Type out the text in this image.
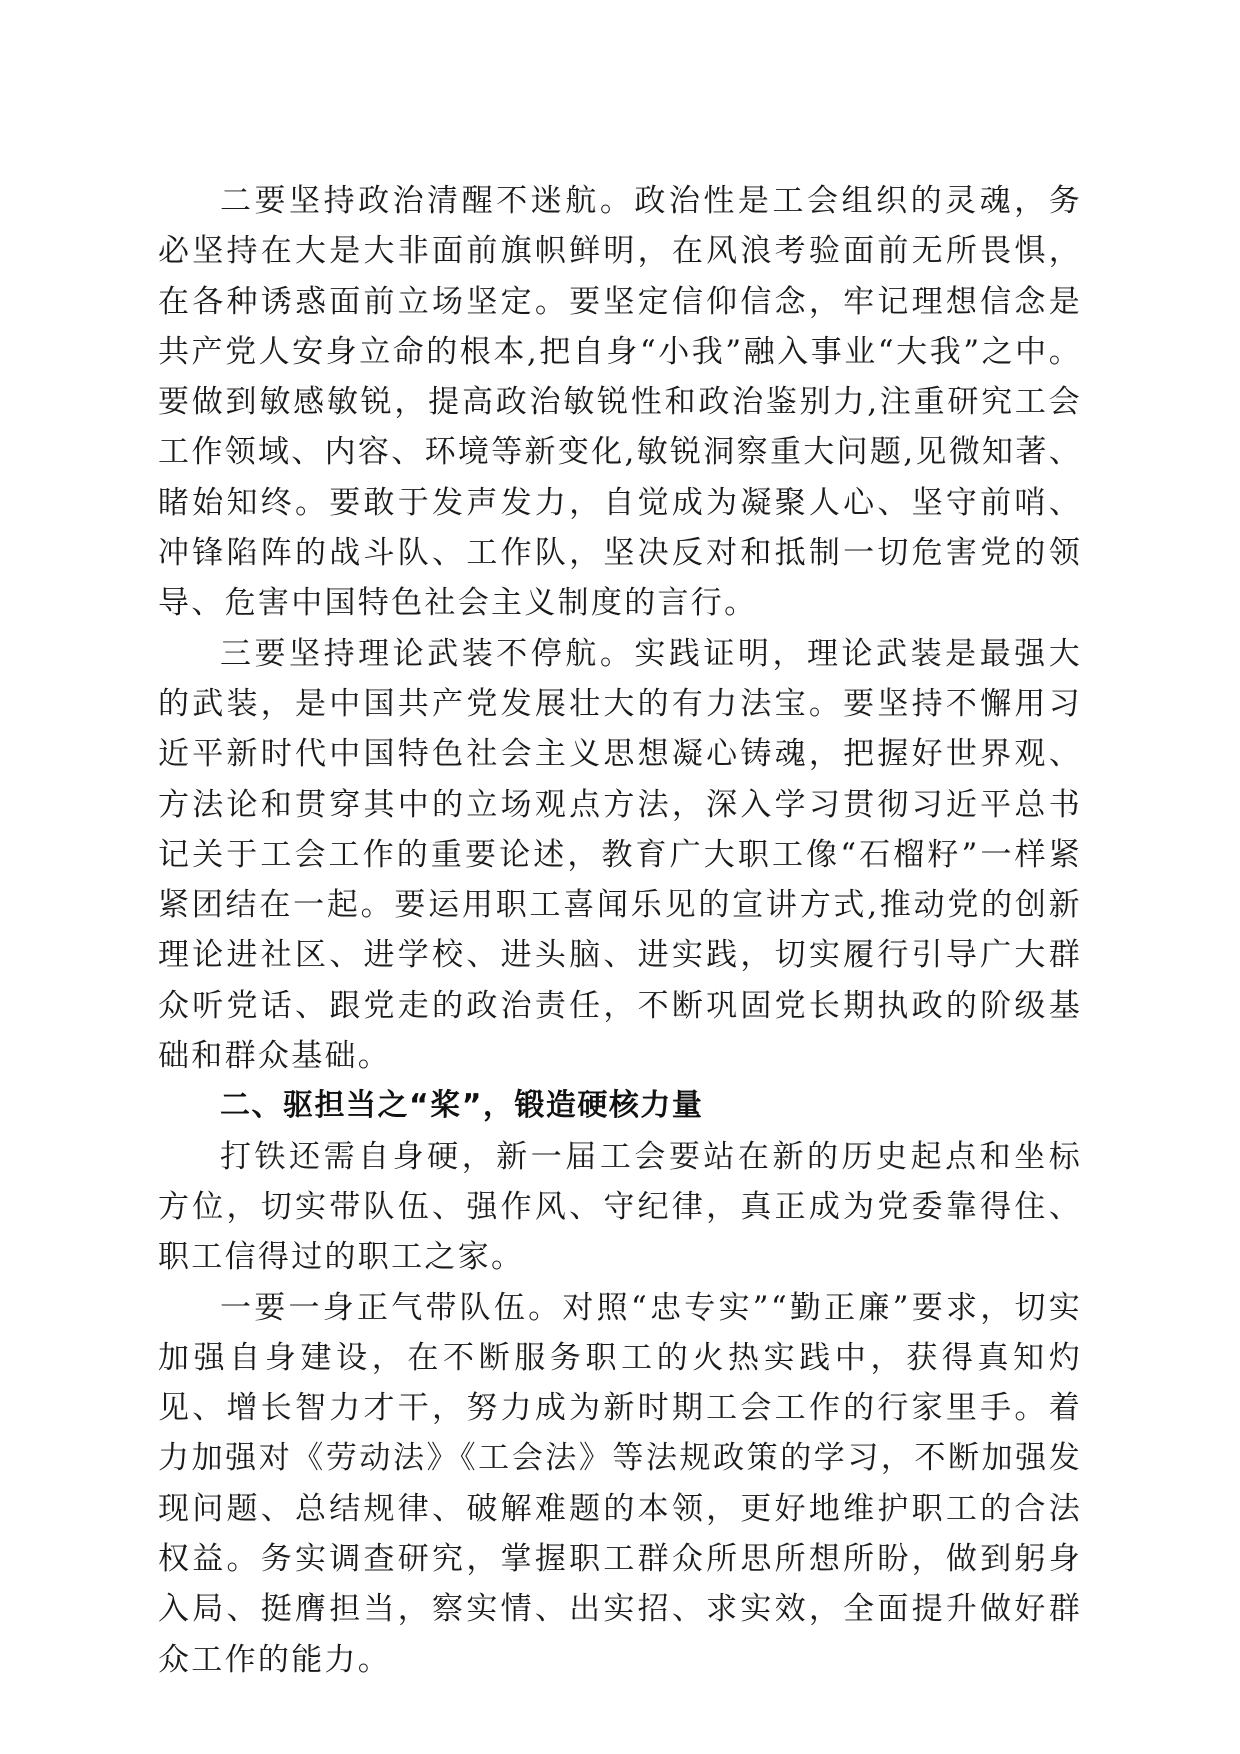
二要坚持政治清醒不迷航。政治性是工会组织的灵魂，务必坚持在大是大非面前旗帜鲜明，在风浪考验面前无所畏惧，在各种诱惑面前立场坚定。要坚定信仰信念，牢记理想信念是共产党人安身立命的根本,把自身“小我”融入事业“大我”之中。要做到敏感敏锐，提高政治敏锐性和政治鉴别力,注重研究工会工作领域、内容、环境等新变化,敏锐洞察重大问题,见微知著、睹始知终。要敢于发声发力，自觉成为凝聚人心、坚守前哨、冲锋陷阵的战斗队、工作队，坚决反对和抵制一切危害党的领导、危害中国特色社会主义制度的言行。

三要坚持理论武装不停航。实践证明，理论武装是最强大的武装，是中国共产党发展壮大的有力法宝。要坚持不懈用习近平新时代中国特色社会主义思想凝心铸魂，把握好世界观、方法论和贯穿其中的立场观点方法，深入学习贯彻习近平总书记关于工会工作的重要论述，教育广大职工像“石榴籽”一样紧紧团结在一起。要运用职工喜闻乐见的宣讲方式,推动党的创新理论进社区、进学校、进头脑、进实践，切实履行引导广大群众听党话、跟党走的政治责任，不断巩固党长期执政的阶级基础和群众基础。

二、驱担当之“桨”，锻造硬核力量

打铁还需自身硬，新一届工会要站在新的历史起点和坐标方位，切实带队伍、强作风、守纪律，真正成为党委靠得住、职工信得过的职工之家。

一要一身正气带队伍。对照“忠专实”“勤正廉”要求，切实加强自身建设，在不断服务职工的火热实践中，获得真知灼见、增长智力才干，努力成为新时期工会工作的行家里手。着力加强对《劳动法》《工会法》等法规政策的学习，不断加强发现问题、总结规律、破解难题的本领，更好地维护职工的合法权益。务实调查研究，掌握职工群众所思所想所盼，做到躬身入局、挺膺担当，察实情、出实招、求实效，全面提升做好群众工作的能力。
